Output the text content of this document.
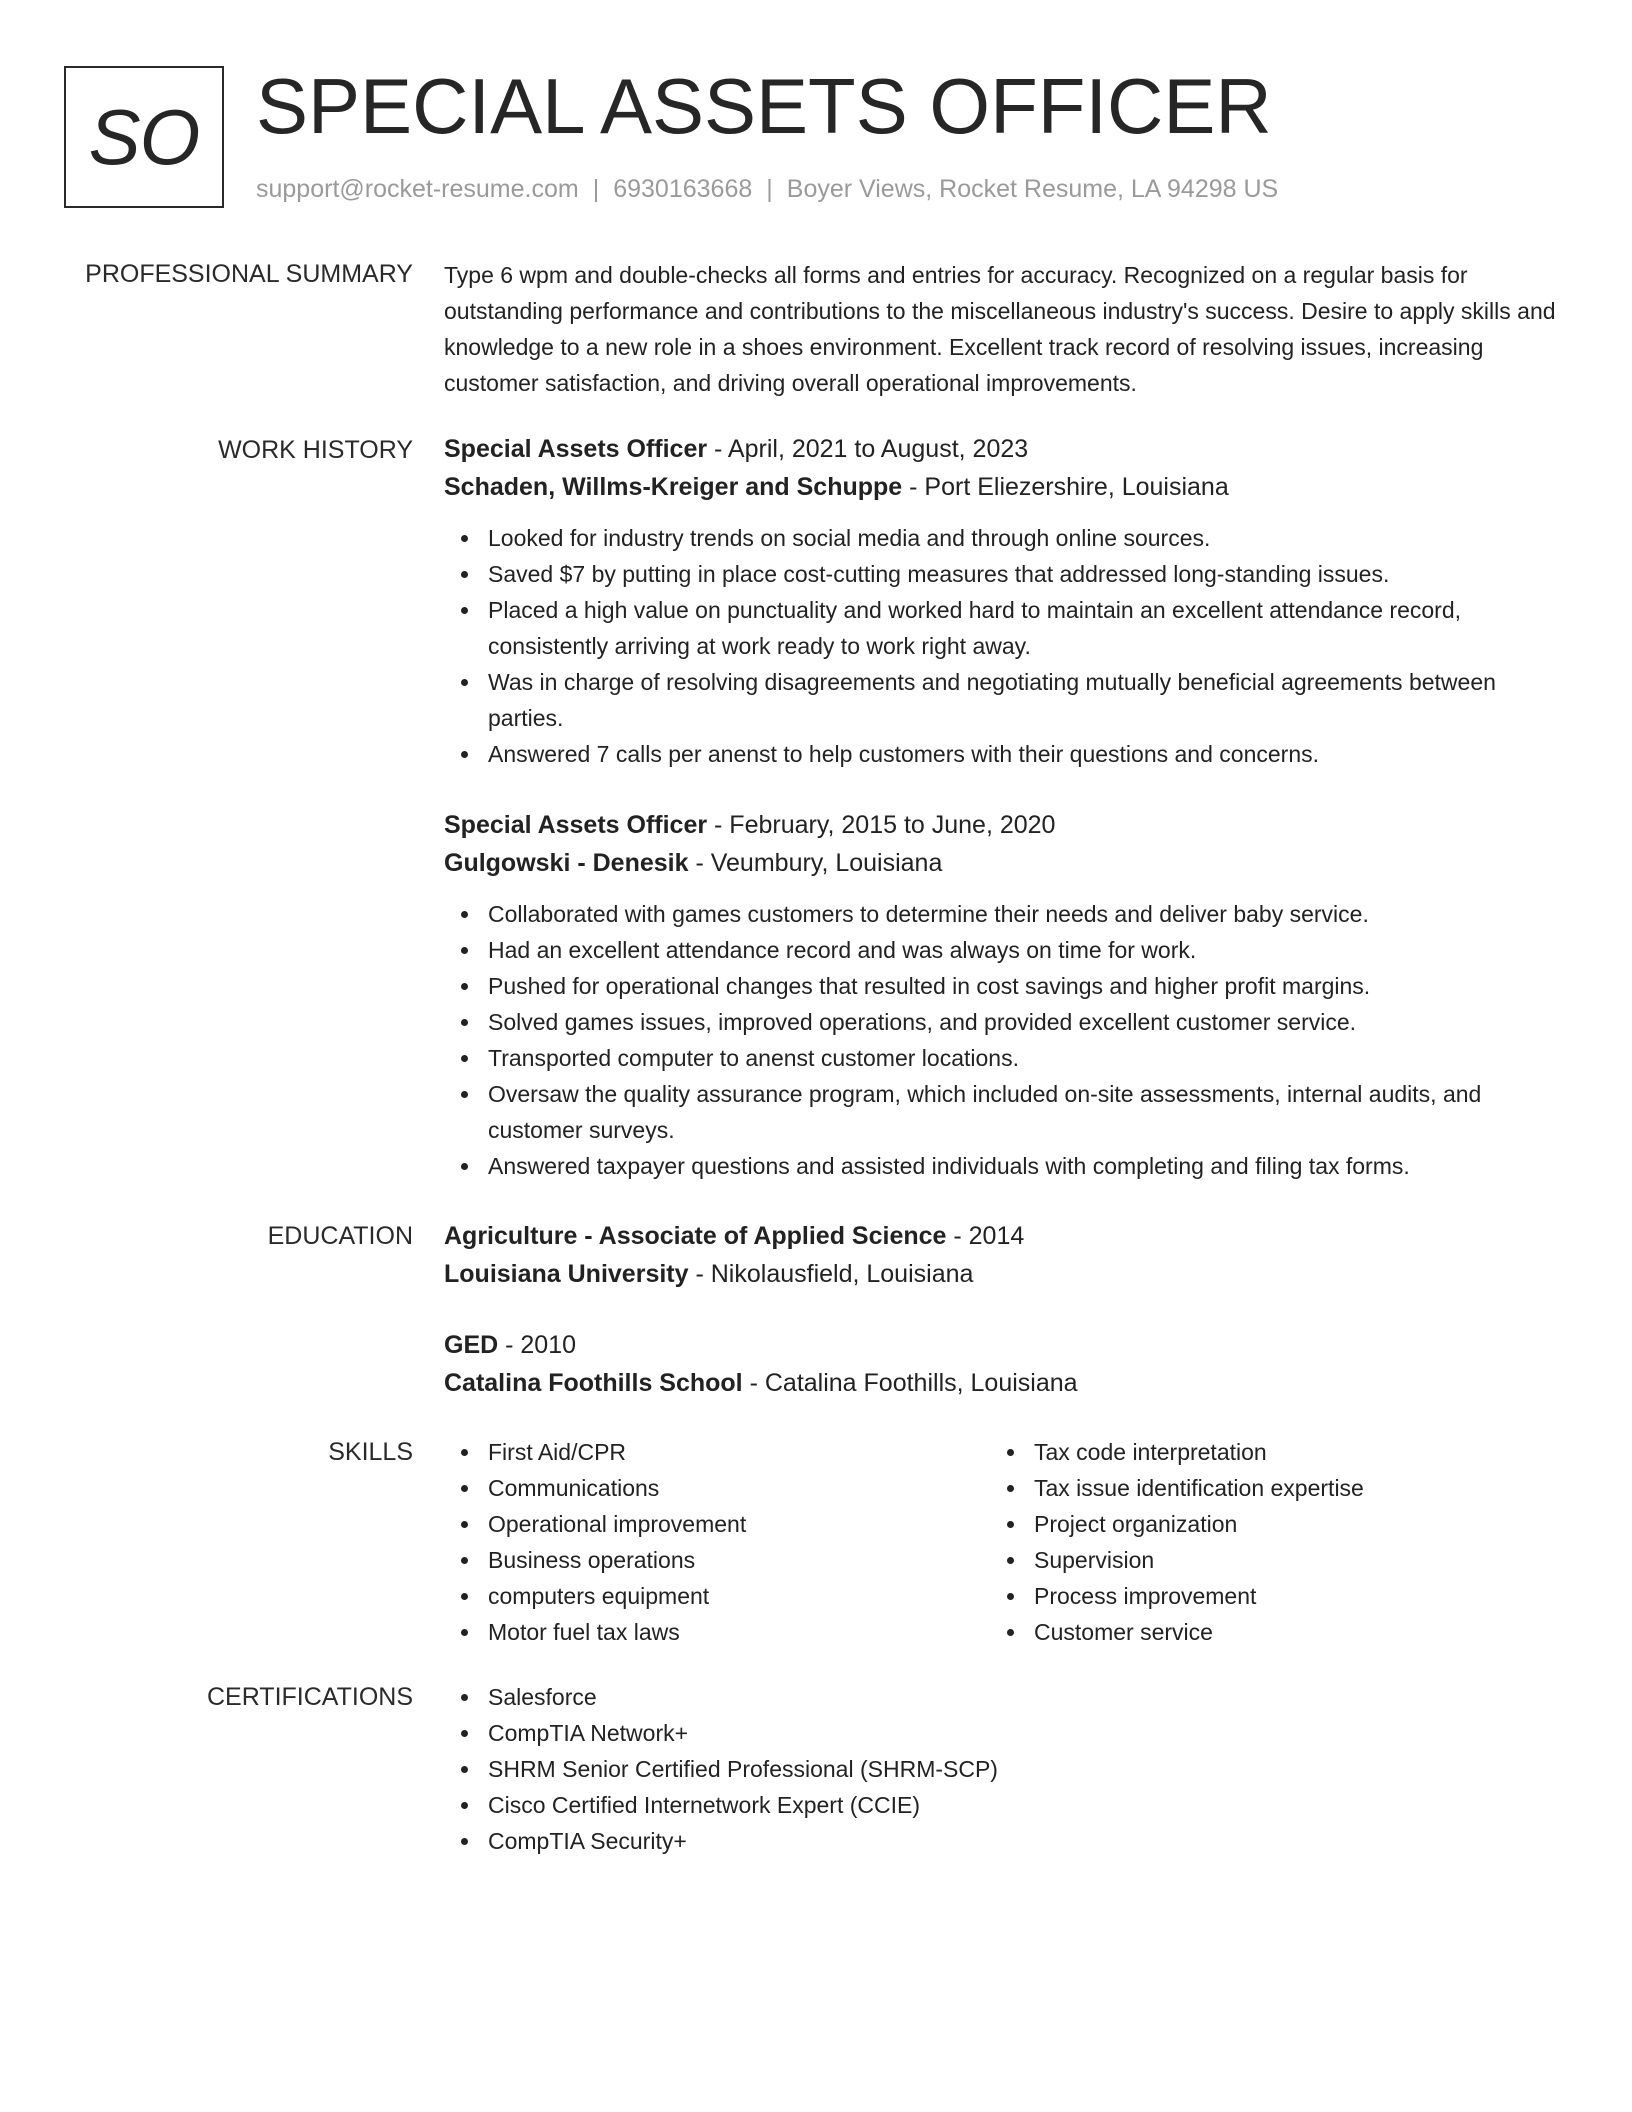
SO SPECIAL ASSETS OFFICER
support@rocket-resume.com | 6930163668 | Boyer Views, Rocket Resume, LA 94298 US
PROFESSIONAL SUMMARY Type 6 wpm and double-checks all forms and entries for accuracy. Recognized on a regular basis for outstanding performance and contributions to the miscellaneous industry's success. Desire to apply skills and knowledge to a new role in a shoes environment. Excellent track record of resolving issues, increasing customer satisfaction, and driving overall operational improvements.
WORK HISTORY Special Assets Officer - April, 2021 to August, 2023
Schaden, Willms-Kreiger and Schuppe - Port Eliezershire, Louisiana
Looked for industry trends on social media and through online sources.
Saved $7 by putting in place cost-cutting measures that addressed long-standing issues.
Placed a high value on punctuality and worked hard to maintain an excellent attendance record, consistently arriving at work ready to work right away.
Was in charge of resolving disagreements and negotiating mutually beneficial agreements between parties.
Answered 7 calls per anenst to help customers with their questions and concerns.
Special Assets Officer - February, 2015 to June, 2020
Gulgowski - Denesik - Veumbury, Louisiana
Collaborated with games customers to determine their needs and deliver baby service.
Had an excellent attendance record and was always on time for work.
Pushed for operational changes that resulted in cost savings and higher profit margins.
Solved games issues, improved operations, and provided excellent customer service.
Transported computer to anenst customer locations.
Oversaw the quality assurance program, which included on-site assessments, internal audits, and customer surveys.
Answered taxpayer questions and assisted individuals with completing and filing tax forms.
EDUCATION Agriculture - Associate of Applied Science - 2014
Louisiana University - Nikolausfield, Louisiana
GED - 2010
Catalina Foothills School - Catalina Foothills, Louisiana
SKILLS	First Aid/CPR
Communications
Operational improvement
Business operations
computers equipment
Motor fuel tax laws
Tax code interpretation
Tax issue identification expertise
Project organization
Supervision
Process improvement
Customer service
CERTIFICATIONS	Salesforce
CompTIA Network+
SHRM Senior Certified Professional (SHRM-SCP)
Cisco Certified Internetwork Expert (CCIE)
CompTIA Security+
